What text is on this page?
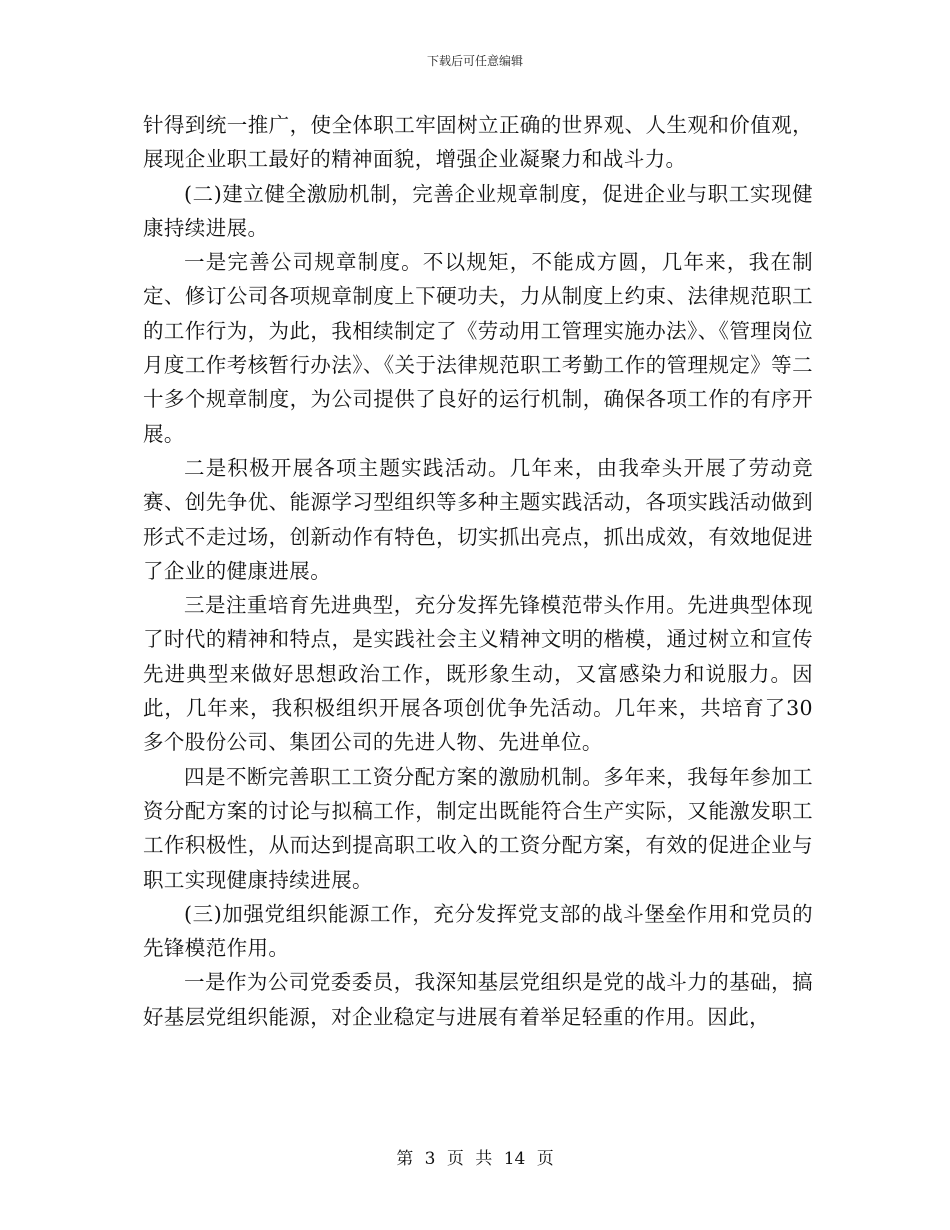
下载后可任意编辑

针得到统一推广，使全体职工牢固树立正确的世界观、人生观和价值观，展现企业职工最好的精神面貌，增强企业凝聚力和战斗力。

(二)建立健全激励机制，完善企业规章制度，促进企业与职工实现健康持续进展。

一是完善公司规章制度。不以规矩，不能成方圆，几年来，我在制定、修订公司各项规章制度上下硬功夫，力从制度上约束、法律规范职工的工作行为，为此，我相续制定了《劳动用工管理实施办法》、《管理岗位月度工作考核暂行办法》、《关于法律规范职工考勤工作的管理规定》等二十多个规章制度，为公司提供了良好的运行机制，确保各项工作的有序开展。

二是积极开展各项主题实践活动。几年来，由我牵头开展了劳动竞赛、创先争优、能源学习型组织等多种主题实践活动，各项实践活动做到形式不走过场，创新动作有特色，切实抓出亮点，抓出成效，有效地促进了企业的健康进展。

三是注重培育先进典型，充分发挥先锋模范带头作用。先进典型体现了时代的精神和特点，是实践社会主义精神文明的楷模，通过树立和宣传先进典型来做好思想政治工作，既形象生动，又富感染力和说服力。因此，几年来，我积极组织开展各项创优争先活动。几年来，共培育了30多个股份公司、集团公司的先进人物、先进单位。

四是不断完善职工工资分配方案的激励机制。多年来，我每年参加工资分配方案的讨论与拟稿工作，制定出既能符合生产实际，又能激发职工工作积极性，从而达到提高职工收入的工资分配方案，有效的促进企业与职工实现健康持续进展。

(三)加强党组织能源工作，充分发挥党支部的战斗堡垒作用和党员的先锋模范作用。

一是作为公司党委委员，我深知基层党组织是党的战斗力的基础，搞好基层党组织能源，对企业稳定与进展有着举足轻重的作用。因此，

第 3 页 共 14 页
